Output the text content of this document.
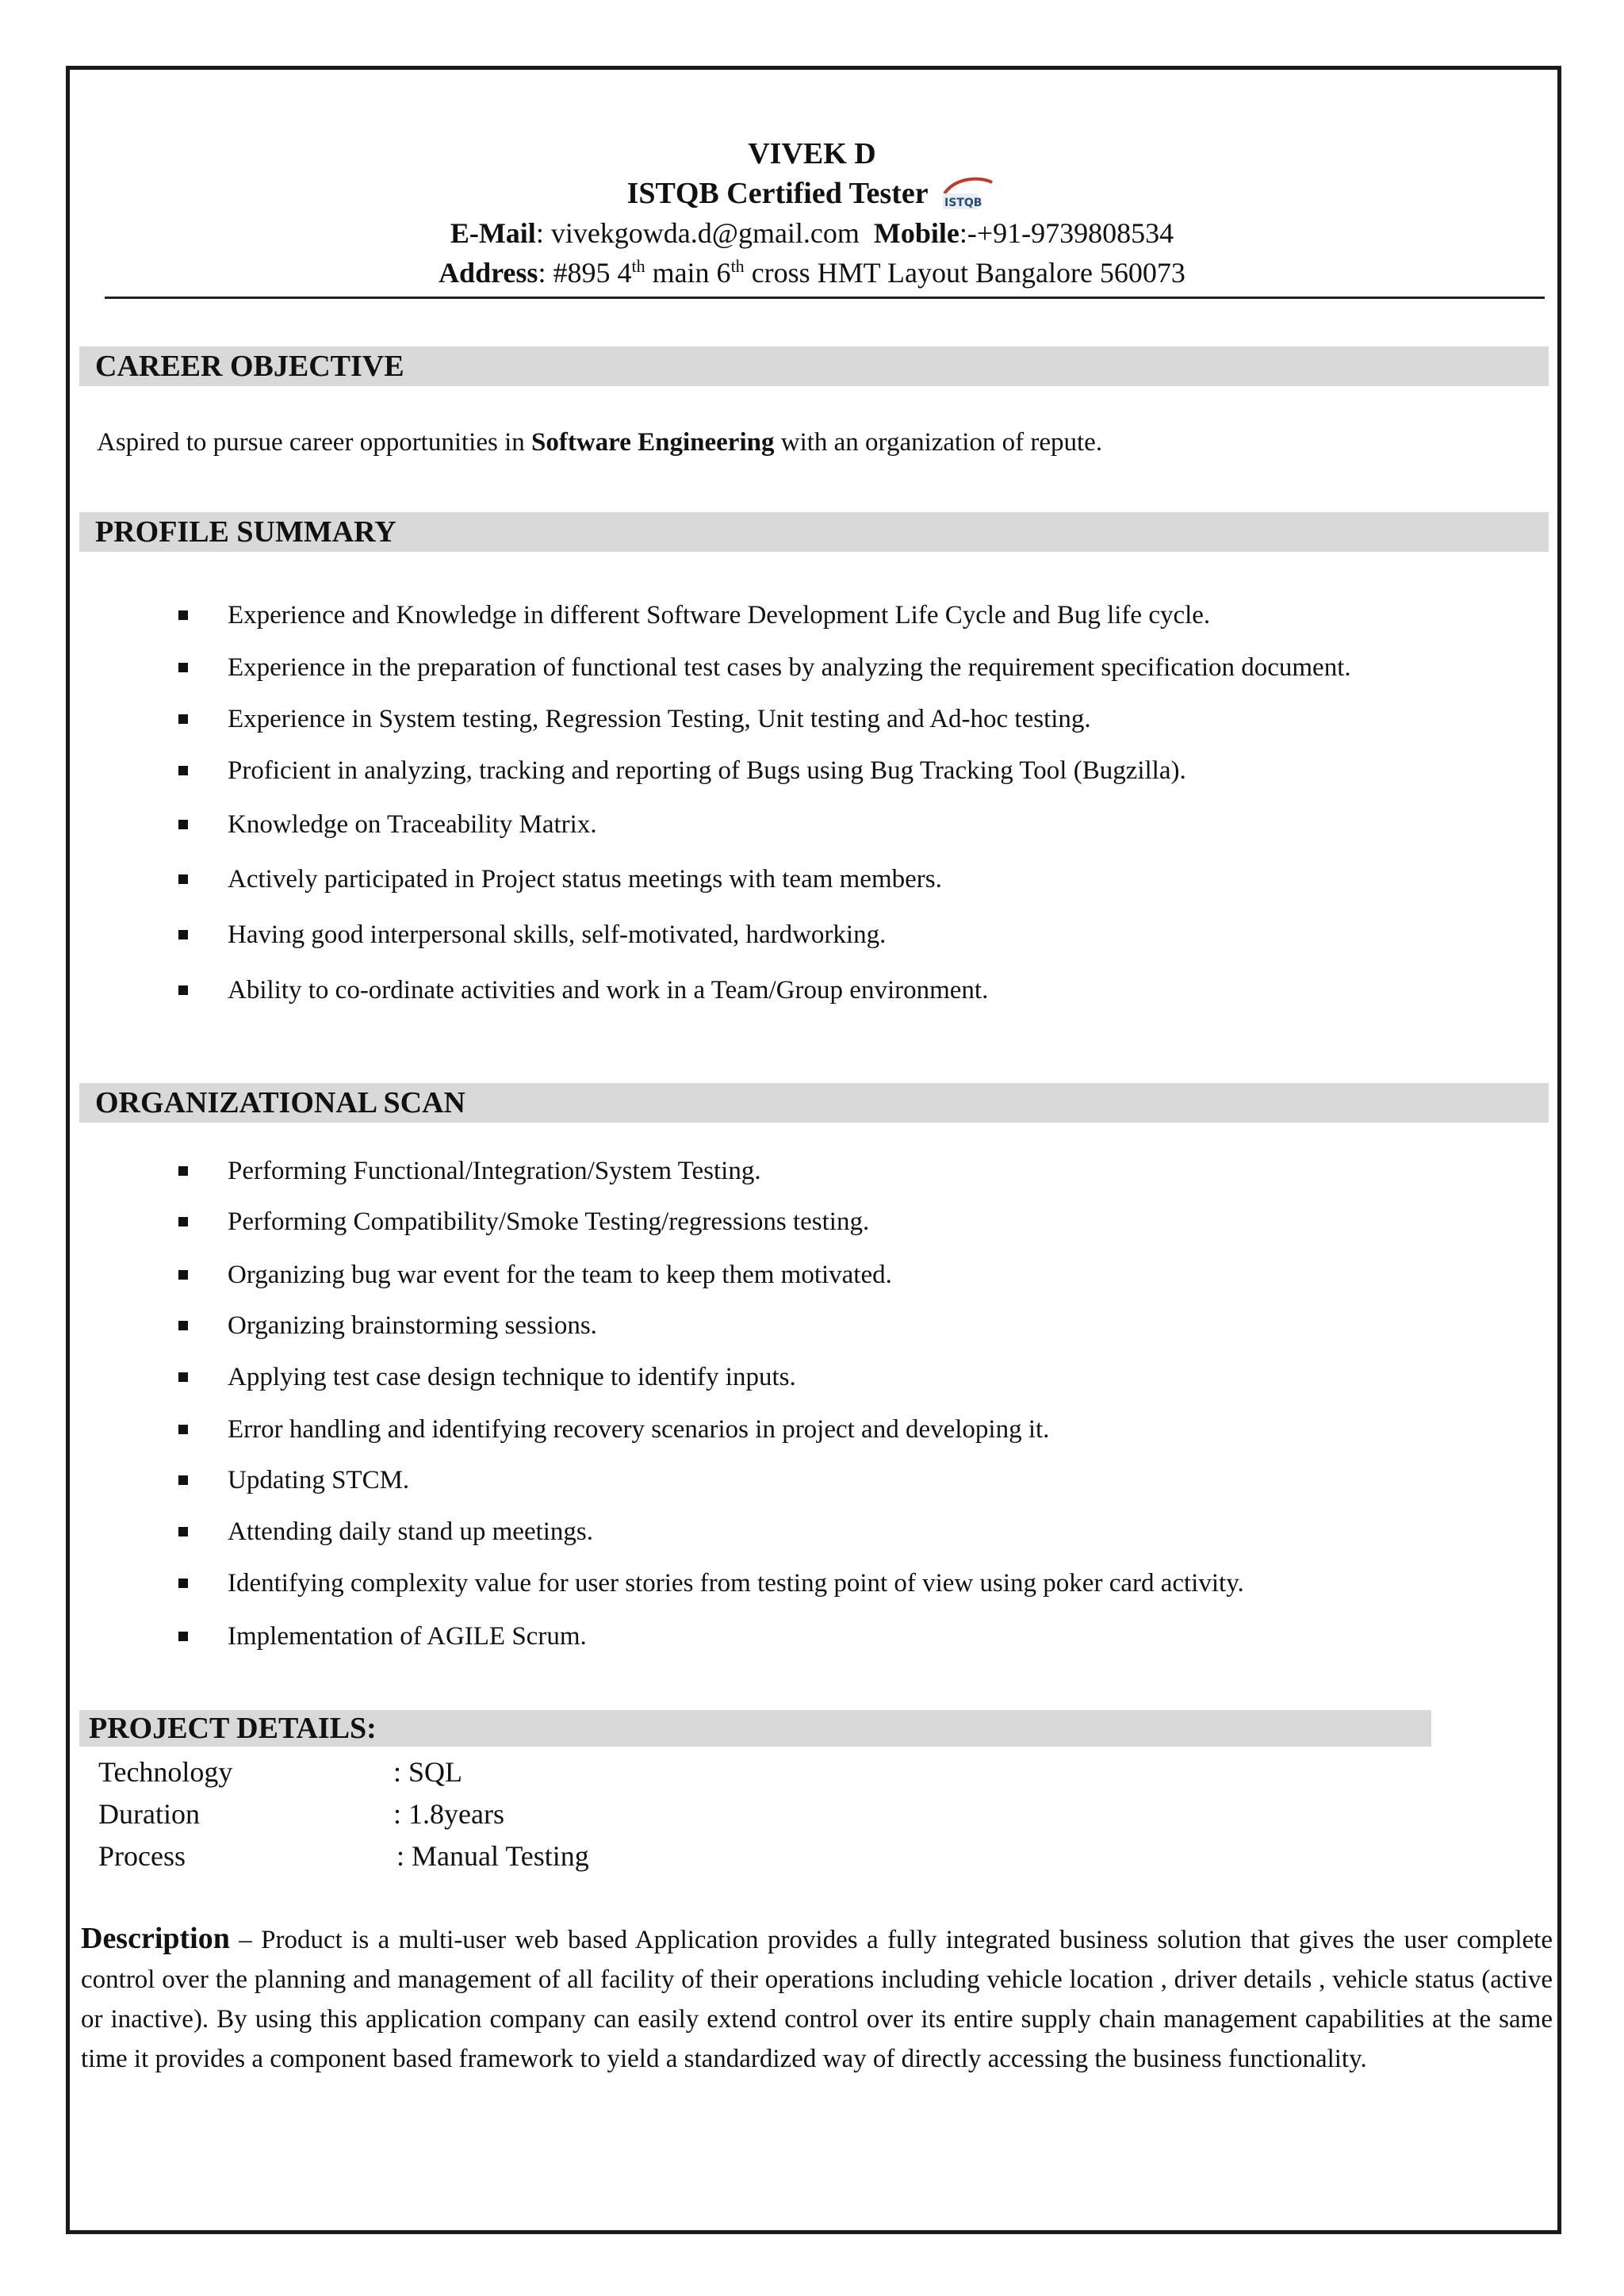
VIVEK D
ISTQB Certified Tester ISTQB
E-Mail: vivekgowda.d@gmail.com Mobile:-+91-9739808534
Address: #895 4th main 6th cross HMT Layout Bangalore 560073
CAREER OBJECTIVE
Aspired to pursue career opportunities in Software Engineering with an organization of repute.
PROFILE SUMMARY
Experience and Knowledge in different Software Development Life Cycle and Bug life cycle.
Experience in the preparation of functional test cases by analyzing the requirement specification document.
Experience in System testing, Regression Testing, Unit testing and Ad-hoc testing.
Proficient in analyzing, tracking and reporting of Bugs using Bug Tracking Tool (Bugzilla).
Knowledge on Traceability Matrix.
Actively participated in Project status meetings with team members.
Having good interpersonal skills, self-motivated, hardworking.
Ability to co-ordinate activities and work in a Team/Group environment.
ORGANIZATIONAL SCAN
Performing Functional/Integration/System Testing.
Performing Compatibility/Smoke Testing/regressions testing.
Organizing bug war event for the team to keep them motivated.
Organizing brainstorming sessions.
Applying test case design technique to identify inputs.
Error handling and identifying recovery scenarios in project and developing it.
Updating STCM.
Attending daily stand up meetings.
Identifying complexity value for user stories from testing point of view using poker card activity.
Implementation of AGILE Scrum.
PROJECT DETAILS:
Technology	: SQL
Duration	: 1.8years
Process	: Manual Testing
Description – Product is a multi-user web based Application provides a fully integrated business solution that gives the user complete control over the planning and management of all facility of their operations including vehicle location , driver details , vehicle status (active or inactive). By using this application company can easily extend control over its entire supply chain management capabilities at the same time it provides a component based framework to yield a standardized way of directly accessing the business functionality.
